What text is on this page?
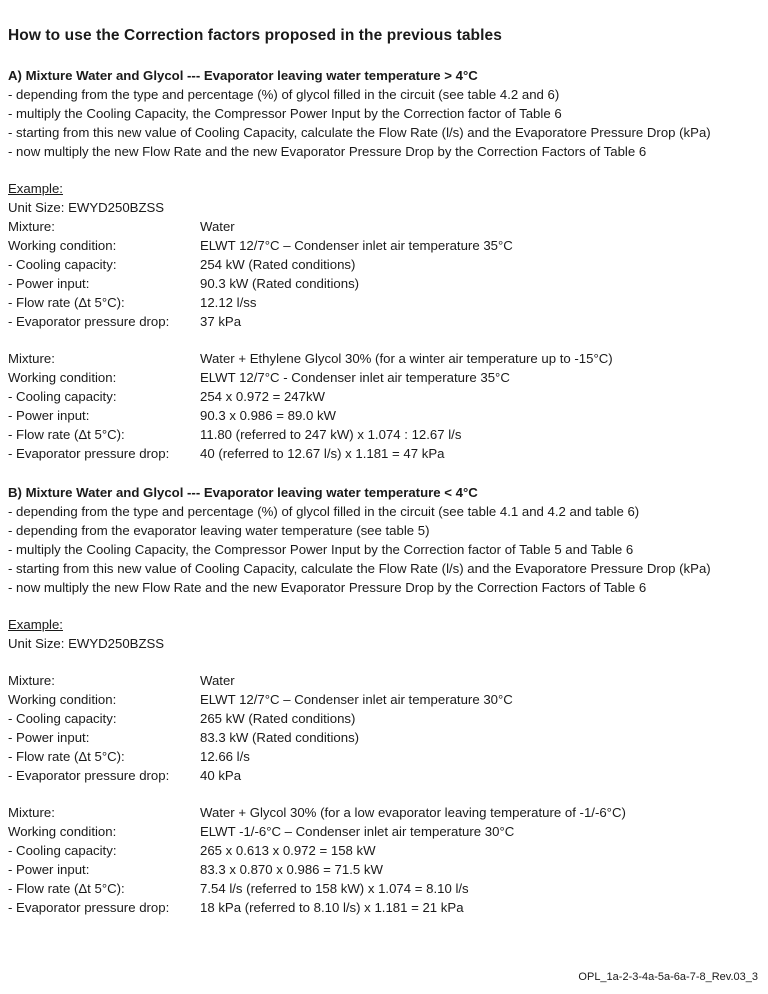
How to use the Correction factors proposed in the previous tables
A) Mixture Water and Glycol --- Evaporator leaving water temperature > 4°C
- depending from the type and percentage (%) of glycol filled in the circuit (see table 4.2 and 6)
- multiply the Cooling Capacity, the Compressor Power Input by the Correction factor of Table 6
- starting from this new value of Cooling Capacity, calculate the Flow Rate (l/s) and the Evaporatore Pressure Drop (kPa)
- now multiply the new Flow Rate and the new Evaporator Pressure Drop by the Correction Factors of Table 6
Example:
Unit Size: EWYD250BZSS
Mixture:	Water
Working condition:	ELWT 12/7°C – Condenser inlet air temperature 35°C
- Cooling capacity:	254 kW (Rated conditions)
- Power input:	90.3 kW (Rated conditions)
- Flow rate (Δt 5°C):	12.12 l/ss
- Evaporator pressure drop:	37 kPa
Mixture:	Water + Ethylene Glycol 30% (for a winter air temperature up to -15°C)
Working condition:	ELWT 12/7°C - Condenser inlet air temperature 35°C
- Cooling capacity:	254 x 0.972 = 247kW
- Power input:	90.3 x 0.986 = 89.0 kW
- Flow rate (Δt 5°C):	11.80 (referred to 247 kW) x 1.074 : 12.67 l/s
- Evaporator pressure drop:	40 (referred to 12.67 l/s) x 1.181 = 47 kPa
B) Mixture Water and Glycol --- Evaporator leaving water temperature < 4°C
- depending from the type and percentage (%) of glycol filled in the circuit (see table 4.1 and 4.2 and table 6)
- depending from the evaporator leaving water temperature (see table 5)
- multiply the Cooling Capacity, the Compressor Power Input by the Correction factor of Table 5 and Table 6
- starting from this new value of Cooling Capacity, calculate the Flow Rate (l/s) and the Evaporatore Pressure Drop (kPa)
- now multiply the new Flow Rate and the new Evaporator Pressure Drop by the Correction Factors of Table 6
Example:
Unit Size: EWYD250BZSS
Mixture:	Water
Working condition:	ELWT 12/7°C – Condenser inlet air temperature 30°C
- Cooling capacity:	265 kW (Rated conditions)
- Power input:	83.3 kW (Rated conditions)
- Flow rate (Δt 5°C):	12.66 l/s
- Evaporator pressure drop:	40 kPa
Mixture:	Water + Glycol 30% (for a low evaporator leaving temperature of -1/-6°C)
Working condition:	ELWT -1/-6°C – Condenser inlet air temperature 30°C
- Cooling capacity:	265 x 0.613 x 0.972 = 158 kW
- Power input:	83.3 x 0.870 x 0.986 = 71.5 kW
- Flow rate (Δt 5°C):	7.54 l/s (referred to 158 kW) x 1.074 = 8.10 l/s
- Evaporator pressure drop:	18 kPa (referred to 8.10 l/s) x 1.181 = 21 kPa
OPL_1a-2-3-4a-5a-6a-7-8_Rev.03_3
